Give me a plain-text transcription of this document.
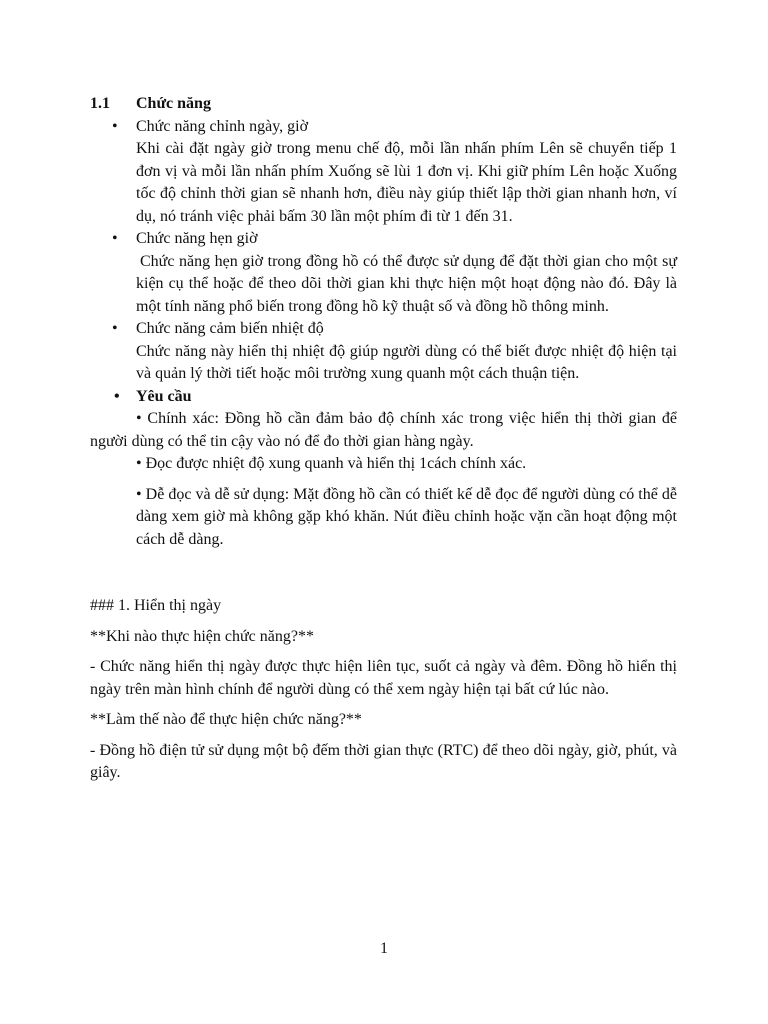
1.1	Chức năng
• Chức năng chỉnh ngày, giờ
Khi cài đặt ngày giờ trong menu chế độ, mỗi lần nhấn phím Lên sẽ chuyển tiếp 1 đơn vị và mỗi lần nhấn phím Xuống sẽ lùi 1 đơn vị. Khi giữ phím Lên hoặc Xuống tốc độ chỉnh thời gian sẽ nhanh hơn, điều này giúp thiết lập thời gian nhanh hơn, ví dụ, nó tránh việc phải bấm 30 lần một phím đi từ 1 đến 31.
• Chức năng hẹn giờ
Chức năng hẹn giờ trong đồng hồ có thể được sử dụng để đặt thời gian cho một sự kiện cụ thể hoặc để theo dõi thời gian khi thực hiện một hoạt động nào đó. Đây là một tính năng phổ biến trong đồng hồ kỹ thuật số và đồng hồ thông minh.
• Chức năng cảm biến nhiệt độ
Chức năng này hiển thị nhiệt độ giúp người dùng có thể biết được nhiệt độ hiện tại và quản lý thời tiết hoặc môi trường xung quanh một cách thuận tiện.
• Yêu cầu
• Chính xác: Đồng hồ cần đảm bảo độ chính xác trong việc hiển thị thời gian để người dùng có thể tin cậy vào nó để đo thời gian hàng ngày.
• Đọc được nhiệt độ xung quanh và hiển thị 1cách chính xác.
• Dễ đọc và dễ sử dụng: Mặt đồng hồ cần có thiết kế dễ đọc để người dùng có thể dễ dàng xem giờ mà không gặp khó khăn. Nút điều chỉnh hoặc vặn cần hoạt động một cách dễ dàng.
### 1. Hiển thị ngày
**Khi nào thực hiện chức năng?**
- Chức năng hiển thị ngày được thực hiện liên tục, suốt cả ngày và đêm. Đồng hồ hiển thị ngày trên màn hình chính để người dùng có thể xem ngày hiện tại bất cứ lúc nào.
**Làm thế nào để thực hiện chức năng?**
- Đồng hồ điện tử sử dụng một bộ đếm thời gian thực (RTC) để theo dõi ngày, giờ, phút, và giây.
1
